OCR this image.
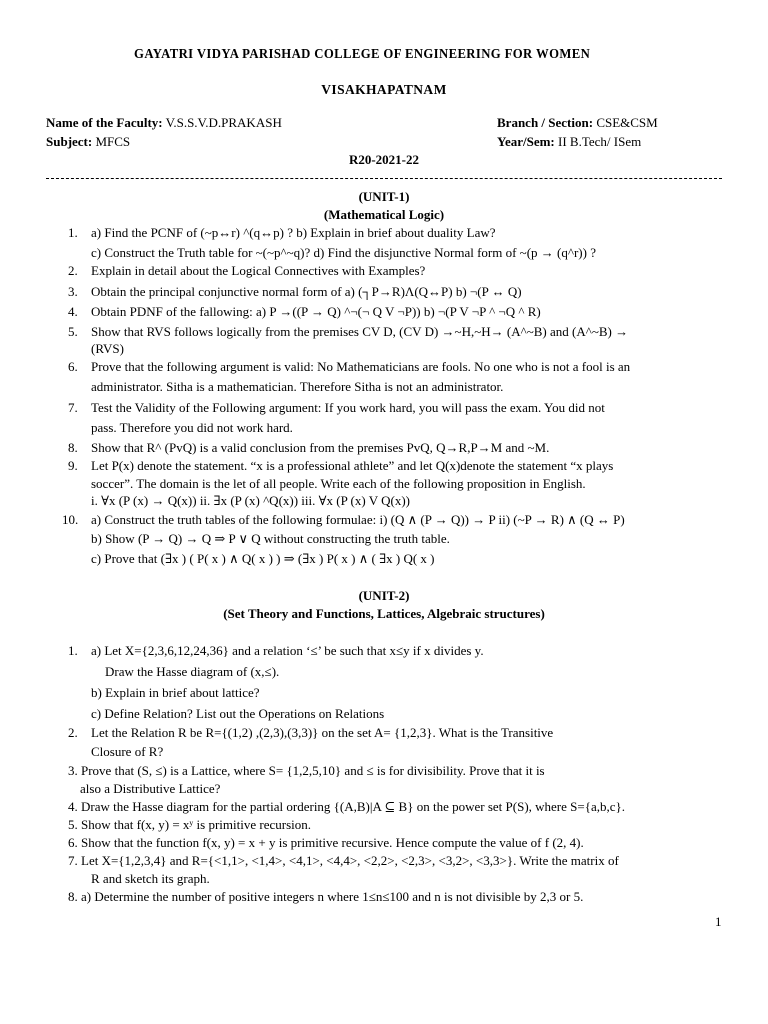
GAYATRI VIDYA PARISHAD COLLEGE OF ENGINEERING FOR WOMEN
VISAKHAPATNAM
Name of the Faculty: V.S.S.V.D.PRAKASH	Branch / Section: CSE&CSM
Subject: MFCS	Year/Sem: II B.Tech/ ISem
R20-2021-22
(UNIT-1)
(Mathematical Logic)
1. a) Find the PCNF of (~p↔r) ^(q↔p) ? b) Explain in brief about duality Law?
c) Construct the Truth table for ~(~p^~q)? d) Find the disjunctive Normal form of ~(p → (q^r)) ?
2. Explain in detail about the Logical Connectives with Examples?
3. Obtain the principal conjunctive normal form of a) (┐P→R)Λ(Q↔P) b) ¬(P ↔ Q)
4. Obtain PDNF of the fallowing: a) P →((P → Q) ^¬(¬ Q V ¬P)) b) ¬(P V ¬P ^ ¬Q ^ R)
5. Show that RVS follows logically from the premises CV D, (CV D) →~H,~H→ (A^~B) and (A^~B) →
(RVS)
6. Prove that the following argument is valid: No Mathematicians are fools. No one who is not a fool is an
administrator. Sitha is a mathematician. Therefore Sitha is not an administrator.
7. Test the Validity of the Following argument: If you work hard, you will pass the exam. You did not
pass. Therefore you did not work hard.
8. Show that R^ (PvQ) is a valid conclusion from the premises PvQ, Q→R,P→M and ~M.
9. Let P(x) denote the statement. “x is a professional athlete” and let Q(x)denote the statement “x plays
soccer”. The domain is the let of all people. Write each of the following proposition in English.
i. ∀x (P (x) → Q(x)) ii. ∃x (P (x) ^Q(x)) iii. ∀x (P (x) V Q(x))
10. a) Construct the truth tables of the following formulae: i) (Q ∧ (P → Q)) → P ii) (~P → R) ∧ (Q ↔ P)
b) Show (P → Q) → Q ⇒ P ∨ Q without constructing the truth table.
c) Prove that (∃x ) ( P( x ) ∧ Q( x ) ) ⇒ (∃x ) P( x ) ∧ ( ∃x ) Q( x )
(UNIT-2)
(Set Theory and Functions, Lattices, Algebraic structures)
1. a) Let X={2,3,6,12,24,36} and a relation ‘≤’ be such that x≤y if x divides y.
Draw the Hasse diagram of (x,≤).
b) Explain in brief about lattice?
c) Define Relation? List out the Operations on Relations
2. Let the Relation R be R={(1,2) ,(2,3),(3,3)} on the set A= {1,2,3}. What is the Transitive
Closure of R?
3. Prove that (S, ≤) is a Lattice, where S= {1,2,5,10} and ≤ is for divisibility. Prove that it is
also a Distributive Lattice?
4. Draw the Hasse diagram for the partial ordering {(A,B)|A ⊆ B} on the power set P(S), where S={a,b,c}.
5. Show that f(x, y) = xʸ is primitive recursion.
6. Show that the function f(x, y) = x + y is primitive recursive. Hence compute the value of f (2, 4).
7. Let X={1,2,3,4} and R={<1,1>, <1,4>, <4,1>, <4,4>, <2,2>, <2,3>, <3,2>, <3,3>}. Write the matrix of
R and sketch its graph.
8. a) Determine the number of positive integers n where 1≤n≤100 and n is not divisible by 2,3 or 5.
1
